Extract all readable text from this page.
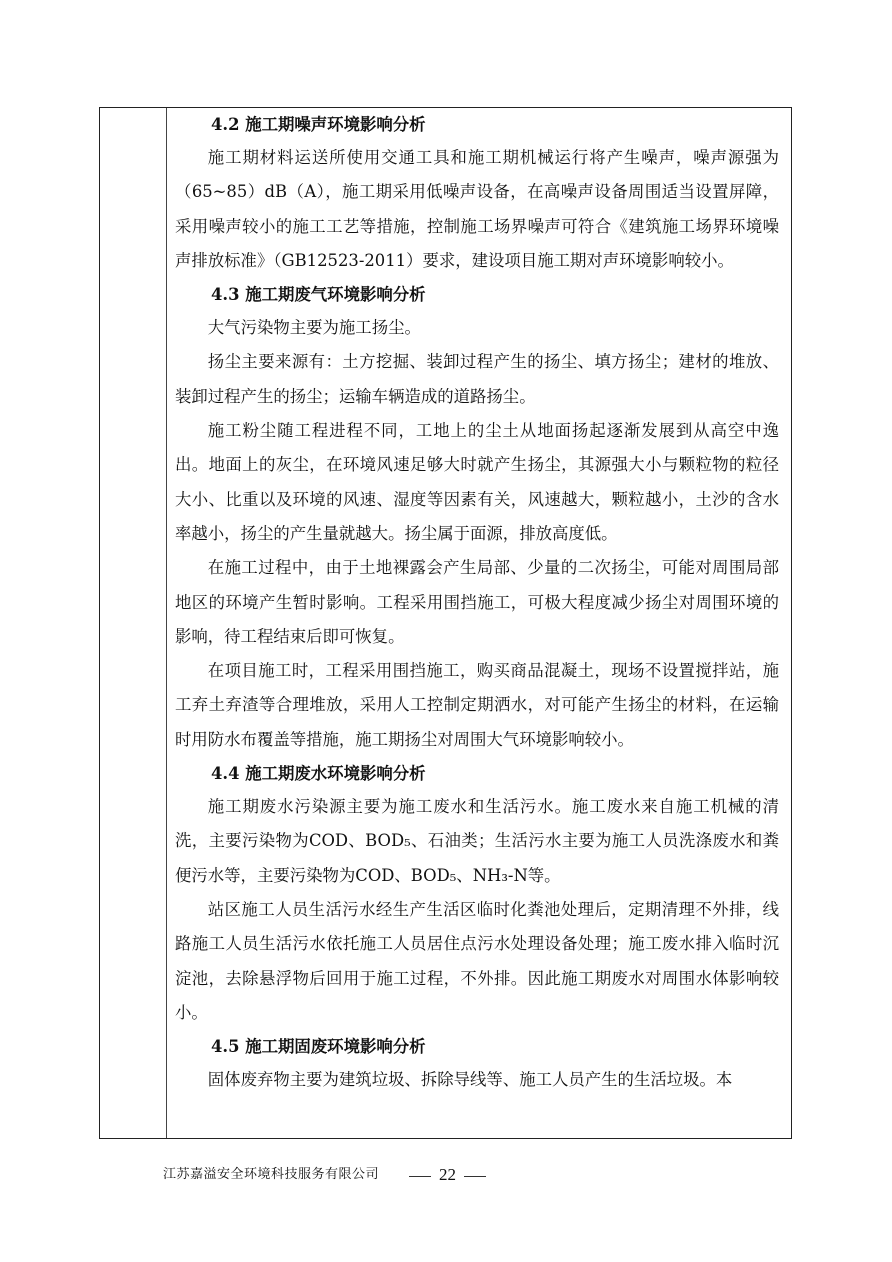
4.2 施工期噪声环境影响分析

施工期材料运送所使用交通工具和施工期机械运行将产生噪声，噪声源强为（65~85）dB（A），施工期采用低噪声设备，在高噪声设备周围适当设置屏障，采用噪声较小的施工工艺等措施，控制施工场界噪声可符合《建筑施工场界环境噪声排放标准》（GB12523-2011）要求，建设项目施工期对声环境影响较小。

4.3 施工期废气环境影响分析

大气污染物主要为施工扬尘。

扬尘主要来源有：土方挖掘、装卸过程产生的扬尘、填方扬尘；建材的堆放、装卸过程产生的扬尘；运输车辆造成的道路扬尘。

施工粉尘随工程进程不同，工地上的尘土从地面扬起逐渐发展到从高空中逸出。地面上的灰尘，在环境风速足够大时就产生扬尘，其源强大小与颗粒物的粒径大小、比重以及环境的风速、湿度等因素有关，风速越大，颗粒越小，土沙的含水率越小，扬尘的产生量就越大。扬尘属于面源，排放高度低。

在施工过程中，由于土地裸露会产生局部、少量的二次扬尘，可能对周围局部地区的环境产生暂时影响。工程采用围挡施工，可极大程度减少扬尘对周围环境的影响，待工程结束后即可恢复。

在项目施工时，工程采用围挡施工，购买商品混凝土，现场不设置搅拌站，施工弃土弃渣等合理堆放，采用人工控制定期洒水，对可能产生扬尘的材料，在运输时用防水布覆盖等措施，施工期扬尘对周围大气环境影响较小。

4.4 施工期废水环境影响分析

施工期废水污染源主要为施工废水和生活污水。施工废水来自施工机械的清洗，主要污染物为COD、BOD₅、石油类；生活污水主要为施工人员洗涤废水和粪便污水等，主要污染物为COD、BOD₅、NH₃-N等。

站区施工人员生活污水经生产生活区临时化粪池处理后，定期清理不外排，线路施工人员生活污水依托施工人员居住点污水处理设备处理；施工废水排入临时沉淀池，去除悬浮物后回用于施工过程，不外排。因此施工期废水对周围水体影响较小。

4.5 施工期固废环境影响分析

固体废弃物主要为建筑垃圾、拆除导线等、施工人员产生的生活垃圾。本

江苏嘉溢安全环境科技服务有限公司	22
